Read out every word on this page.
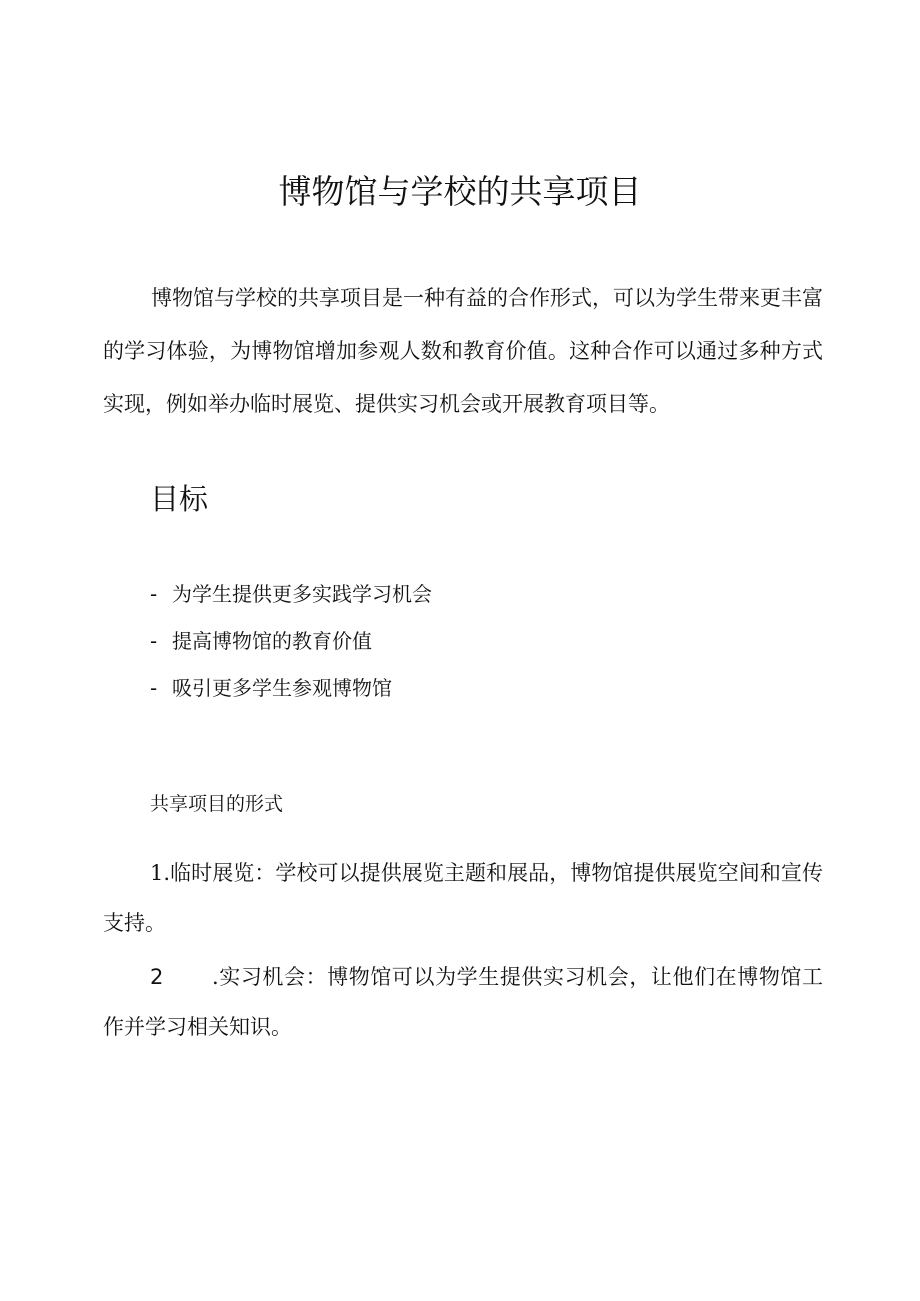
博物馆与学校的共享项目

博物馆与学校的共享项目是一种有益的合作形式，可以为学生带来更丰富的学习体验，为博物馆增加参观人数和教育价值。这种合作可以通过多种方式实现，例如举办临时展览、提供实习机会或开展教育项目等。

目标
- 为学生提供更多实践学习机会
- 提高博物馆的教育价值
- 吸引更多学生参观博物馆
共享项目的形式

1.临时展览：学校可以提供展览主题和展品，博物馆提供展览空间和宣传支持。

2 .实习机会：博物馆可以为学生提供实习机会，让他们在博物馆工作并学习相关知识。
